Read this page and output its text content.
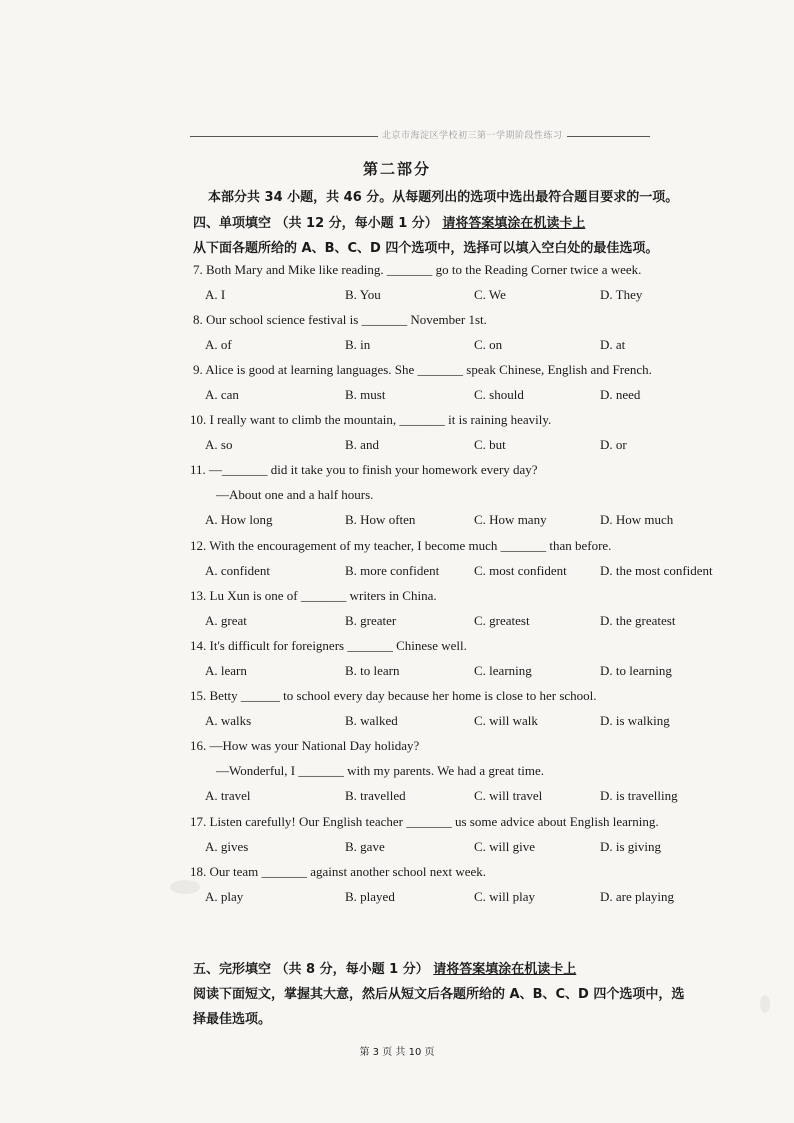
北京市海淀区学校初三第一学期阶段性练习
第二部分
本部分共 34 小题，共 46 分。从每题列出的选项中选出最符合题目要求的一项。
四、单项填空 （共 12 分，每小题 1 分） 请将答案填涂在机读卡上
从下面各题所给的 A、B、C、D 四个选项中，选择可以填入空白处的最佳选项。
7. Both Mary and Mike like reading. _______ go to the Reading Corner twice a week.
A. I	B. You	C. We	D. They
8. Our school science festival is _______ November 1st.
A. of	B. in	C. on	D. at
9. Alice is good at learning languages. She _______ speak Chinese, English and French.
A. can	B. must	C. should	D. need
10. I really want to climb the mountain, _______ it is raining heavily.
A. so	B. and	C. but	D. or
11. —_______ did it take you to finish your homework every day?
—About one and a half hours.
A. How long	B. How often	C. How many	D. How much
12. With the encouragement of my teacher, I become much _______ than before.
A. confident	B. more confident	C. most confident	D. the most confident
13. Lu Xun is one of _______ writers in China.
A. great	B. greater	C. greatest	D. the greatest
14. It's difficult for foreigners _______ Chinese well.
A. learn	B. to learn	C. learning	D. to learning
15. Betty ______ to school every day because her home is close to her school.
A. walks	B. walked	C. will walk	D. is walking
16. —How was your National Day holiday?
—Wonderful, I _______ with my parents. We had a great time.
A. travel	B. travelled	C. will travel	D. is travelling
17. Listen carefully! Our English teacher _______ us some advice about English learning.
A. gives	B. gave	C. will give	D. is giving
18. Our team _______ against another school next week.
A. play	B. played	C. will play	D. are playing
五、完形填空 （共 8 分，每小题 1 分） 请将答案填涂在机读卡上
阅读下面短文，掌握其大意，然后从短文后各题所给的 A、B、C、D 四个选项中，选
择最佳选项。
第 3 页 共 10 页
